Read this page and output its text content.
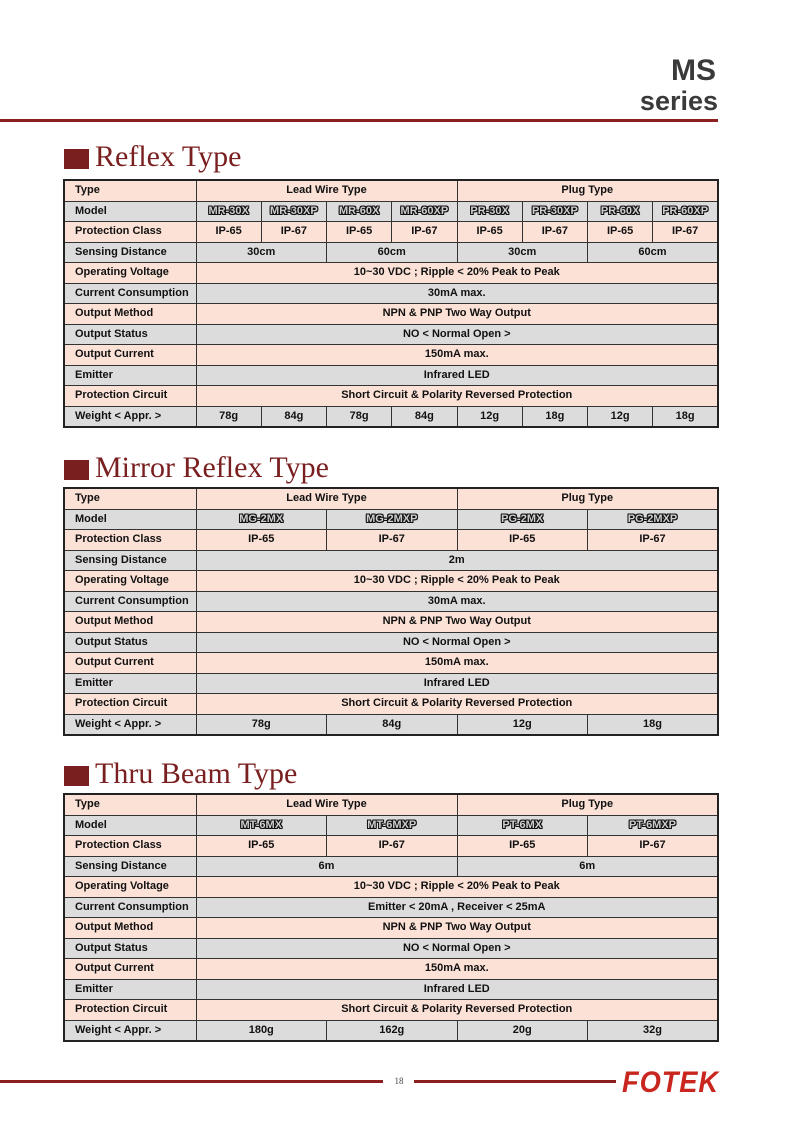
MS
series
Reflex Type
Type	Lead Wire Type				Plug Type			
Model	MR-30X	MR-30XP	MR-60X	MR-60XP	PR-30X	PR-30XP	PR-60X	PR-60XP
Protection Class	IP-65	IP-67	IP-65	IP-67	IP-65	IP-67	IP-65	IP-67
Sensing Distance	30cm		60cm		30cm		60cm	
Operating Voltage	10~30 VDC ; Ripple < 20% Peak to Peak							
Current Consumption	30mA max.							
Output Method	NPN & PNP Two Way Output							
Output Status	NO < Normal Open >							
Output Current	150mA max.							
Emitter	Infrared LED							
Protection Circuit	Short Circuit & Polarity Reversed Protection							
Weight < Appr. >	78g	84g	78g	84g	12g	18g	12g	18g
Mirror Reflex Type
Type	Lead Wire Type		Plug Type	
Model	MG-2MX	MG-2MXP	PG-2MX	PG-2MXP
Protection Class	IP-65	IP-67	IP-65	IP-67
Sensing Distance	2m			
Operating Voltage	10~30 VDC ; Ripple < 20% Peak to Peak			
Current Consumption	30mA max.			
Output Method	NPN & PNP Two Way Output			
Output Status	NO < Normal Open >			
Output Current	150mA max.			
Emitter	Infrared LED			
Protection Circuit	Short Circuit & Polarity Reversed Protection			
Weight < Appr. >	78g	84g	12g	18g
Thru Beam Type
Type	Lead Wire Type		Plug Type	
Model	MT-6MX	MT-6MXP	PT-6MX	PT-6MXP
Protection Class	IP-65	IP-67	IP-65	IP-67
Sensing Distance	6m		6m	
Operating Voltage	10~30 VDC ; Ripple < 20% Peak to Peak			
Current Consumption	Emitter < 20mA , Receiver < 25mA			
Output Method	NPN & PNP Two Way Output			
Output Status	NO < Normal Open >			
Output Current	150mA max.			
Emitter	Infrared LED			
Protection Circuit	Short Circuit & Polarity Reversed Protection			
Weight < Appr. >	180g	162g	20g	32g
18	FOTEK
